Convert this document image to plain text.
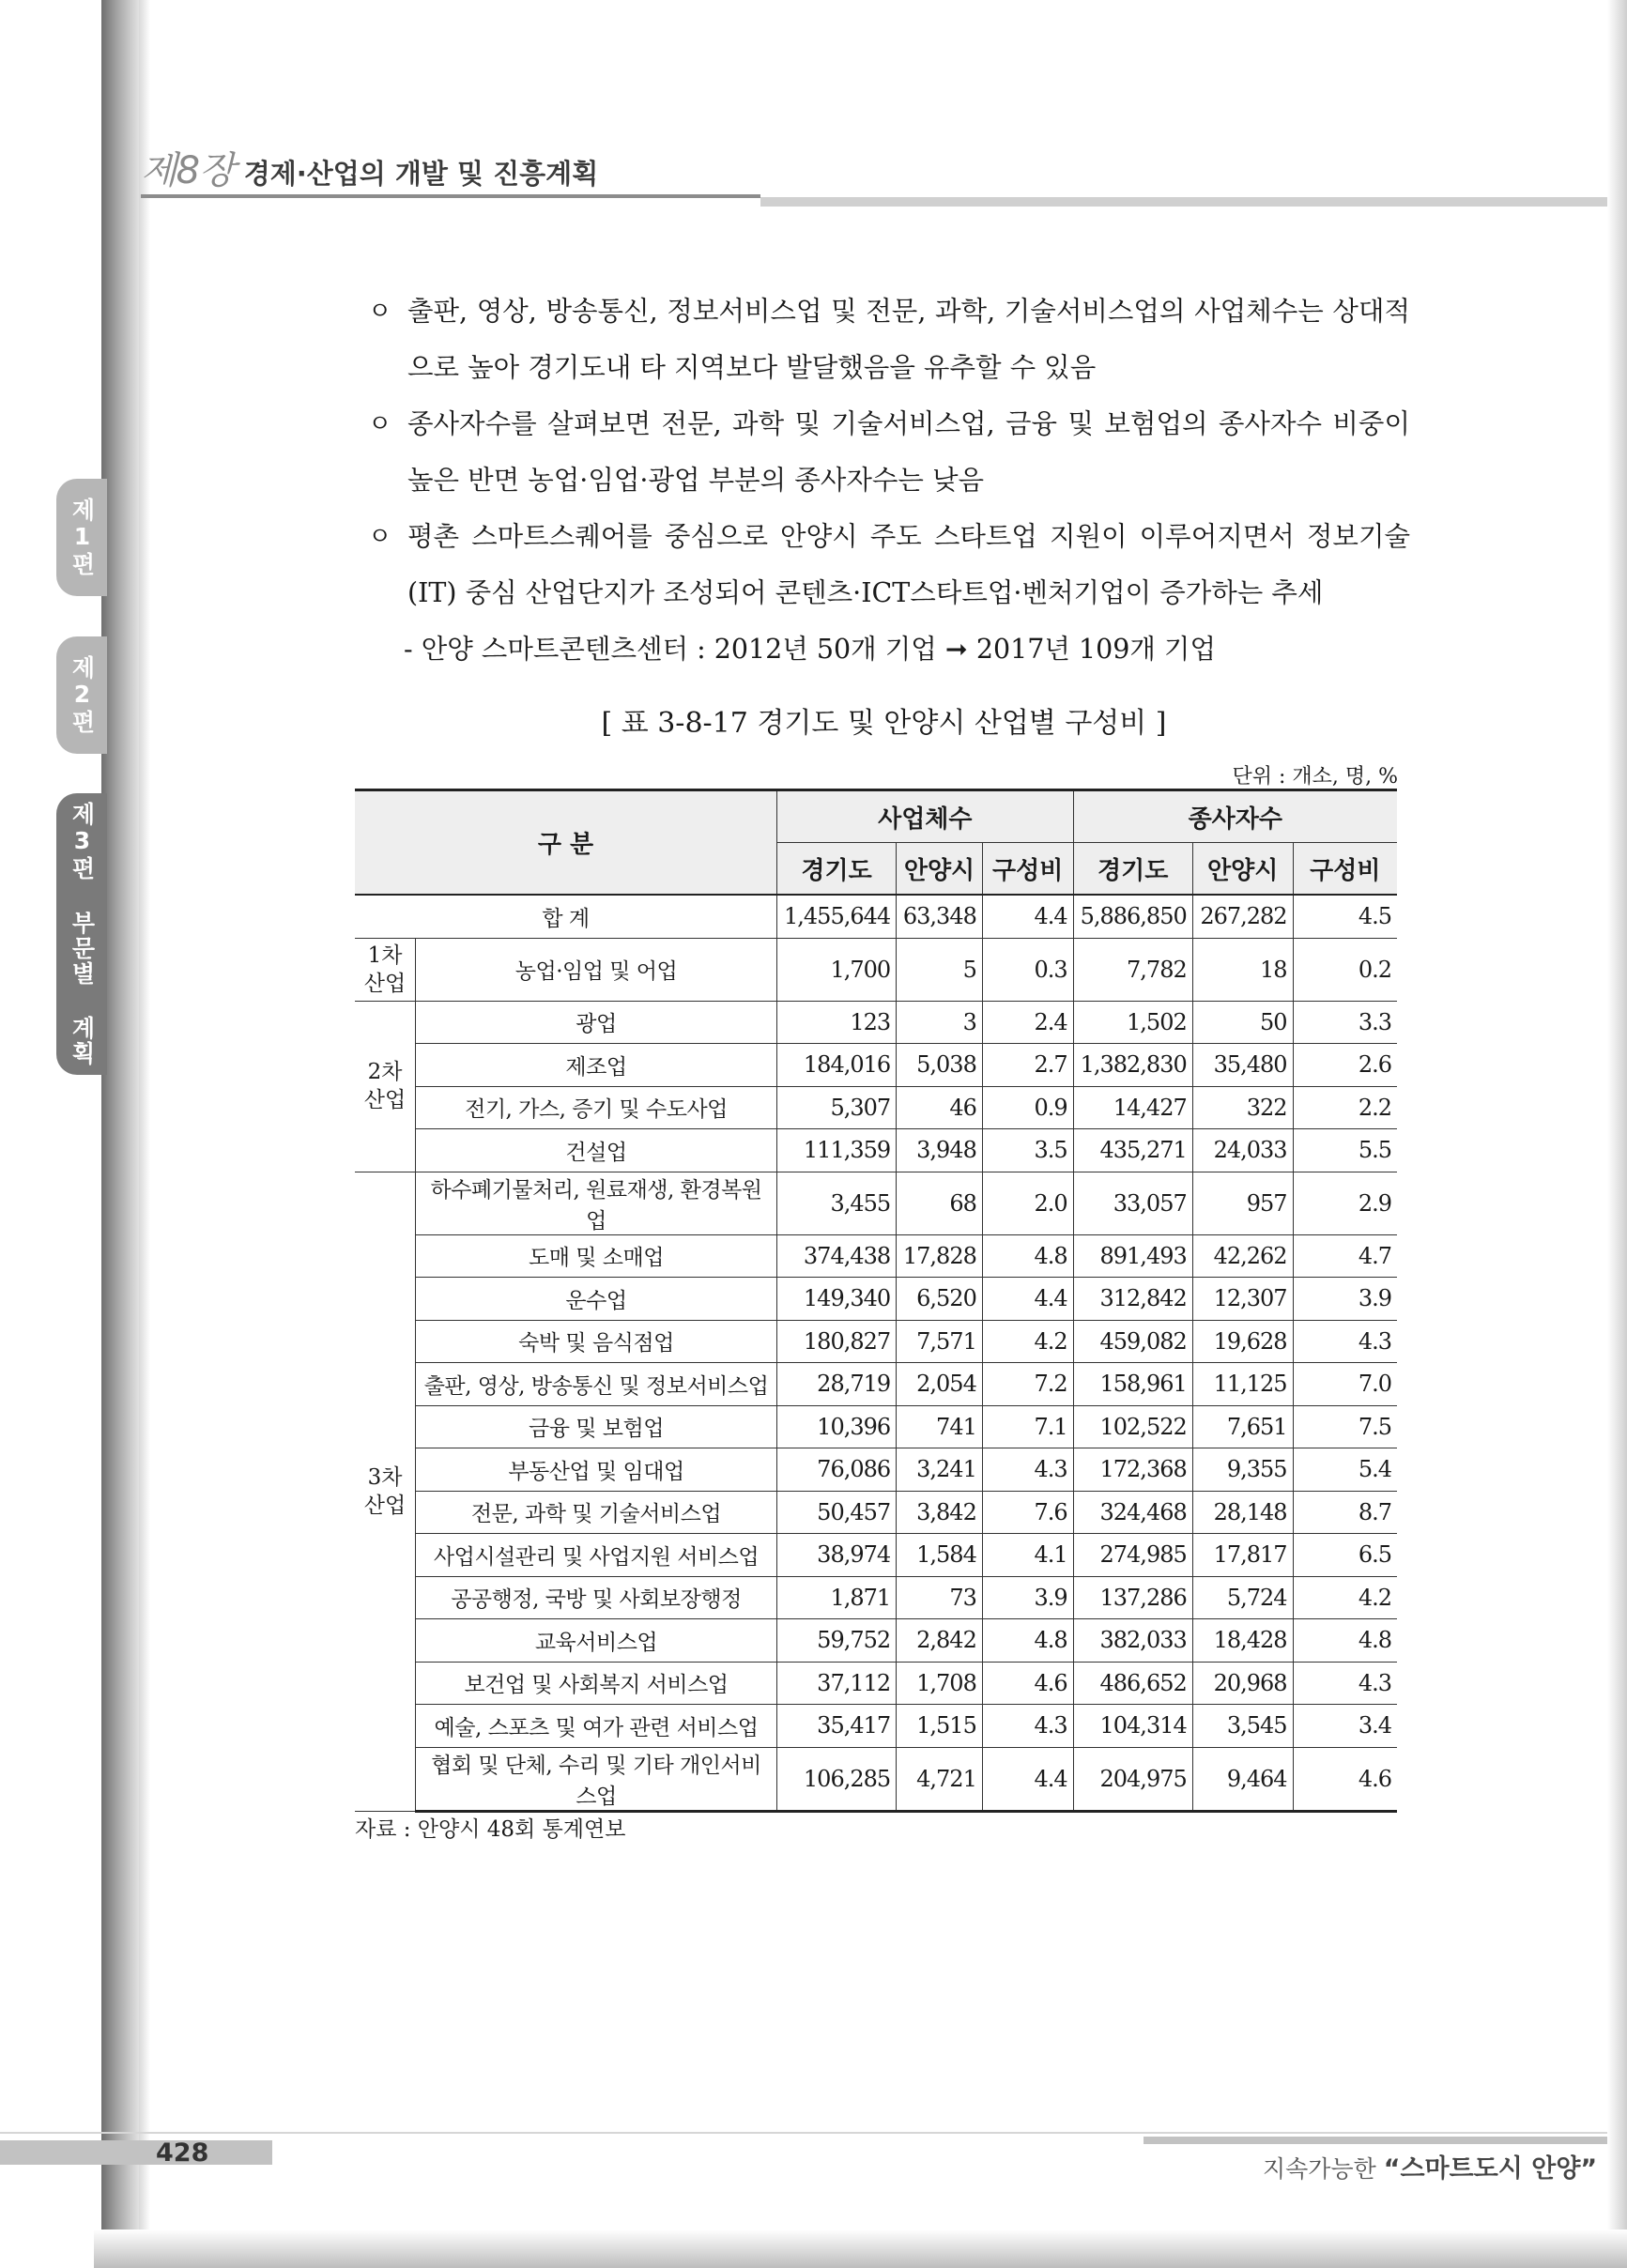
제8장 경제·산업의 개발 및 진흥계획
제1편
제2편
제3편 부문별 계획
ㅇ 출판, 영상, 방송통신, 정보서비스업 및 전문, 과학, 기술서비스업의 사업체수는 상대적으로 높아 경기도내 타 지역보다 발달했음을 유추할 수 있음
ㅇ 종사자수를 살펴보면 전문, 과학 및 기술서비스업, 금융 및 보험업의 종사자수 비중이 높은 반면 농업·임업·광업 부분의 종사자수는 낮음
ㅇ 평촌 스마트스퀘어를 중심으로 안양시 주도 스타트업 지원이 이루어지면서 정보기술(IT) 중심 산업단지가 조성되어 콘텐츠·ICT스타트업·벤처기업이 증가하는 추세
- 안양 스마트콘텐츠센터 : 2012년 50개 기업 ➞ 2017년 109개 기업
[ 표 3-8-17 경기도 및 안양시 산업별 구성비 ]
단위 : 개소, 명, %
구 분		사업체수			종사자수		
		경기도	안양시	구성비	경기도	안양시	구성비
합 계		1,455,644	63,348	4.4	5,886,850	267,282	4.5
1차
산업	농업·임업 및 어업	1,700	5	0.3	7,782	18	0.2
2차
산업	광업	123	3	2.4	1,502	50	3.3
	제조업	184,016	5,038	2.7	1,382,830	35,480	2.6
	전기, 가스, 증기 및 수도사업	5,307	46	0.9	14,427	322	2.2
	건설업	111,359	3,948	3.5	435,271	24,033	5.5
3차
산업	하수폐기물처리, 원료재생, 환경복원업	3,455	68	2.0	33,057	957	2.9
	도매 및 소매업	374,438	17,828	4.8	891,493	42,262	4.7
	운수업	149,340	6,520	4.4	312,842	12,307	3.9
	숙박 및 음식점업	180,827	7,571	4.2	459,082	19,628	4.3
	출판, 영상, 방송통신 및 정보서비스업	28,719	2,054	7.2	158,961	11,125	7.0
	금융 및 보험업	10,396	741	7.1	102,522	7,651	7.5
	부동산업 및 임대업	76,086	3,241	4.3	172,368	9,355	5.4
	전문, 과학 및 기술서비스업	50,457	3,842	7.6	324,468	28,148	8.7
	사업시설관리 및 사업지원 서비스업	38,974	1,584	4.1	274,985	17,817	6.5
	공공행정, 국방 및 사회보장행정	1,871	73	3.9	137,286	5,724	4.2
	교육서비스업	59,752	2,842	4.8	382,033	18,428	4.8
	보건업 및 사회복지 서비스업	37,112	1,708	4.6	486,652	20,968	4.3
	예술, 스포츠 및 여가 관련 서비스업	35,417	1,515	4.3	104,314	3,545	3.4
	협회 및 단체, 수리 및 기타 개인서비스업	106,285	4,721	4.4	204,975	9,464	4.6
자료 : 안양시 48회 통계연보
428
지속가능한 “스마트도시 안양”
